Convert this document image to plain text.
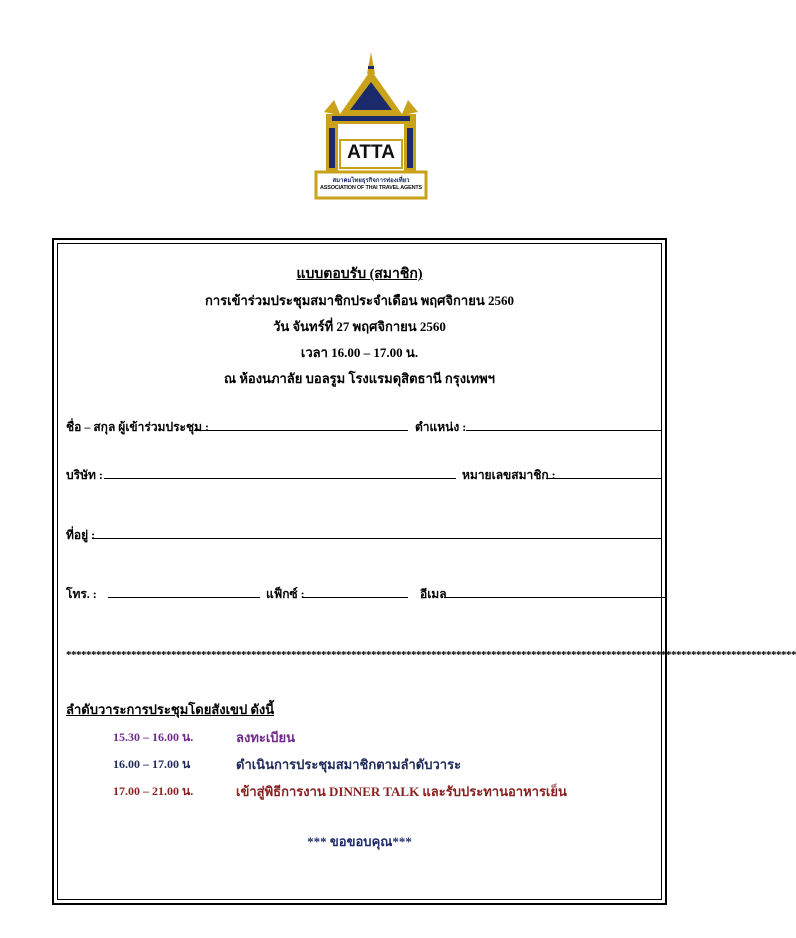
ATTA
สมาคมไทยธุรกิจการท่องเที่ยว
ASSOCIATION OF THAI TRAVEL AGENTS
แบบตอบรับ (สมาชิก)
การเข้าร่วมประชุมสมาชิกประจำเดือน พฤศจิกายน 2560
วัน จันทร์ที่ 27 พฤศจิกายน 2560
เวลา 16.00 – 17.00 น.
ณ ห้องนภาลัย บอลรูม โรงแรมดุสิตธานี กรุงเทพฯ
ชื่อ – สกุล ผู้เข้าร่วมประชุม :	ตำแหน่ง :
บริษัท :	หมายเลขสมาชิก :
ที่อยู่ :
โทร. :	แฟ็กซ์ :	อีเมล
**************************************************************************************************************************************************
ลำดับวาระการประชุมโดยสังเขป ดังนี้
15.30 – 16.00 น.	ลงทะเบียน
16.00 – 17.00 น	ดำเนินการประชุมสมาชิกตามลำดับวาระ
17.00 – 21.00 น.	เข้าสู่พิธีการงาน DINNER TALK และรับประทานอาหารเย็น
*** ขอขอบคุณ***
